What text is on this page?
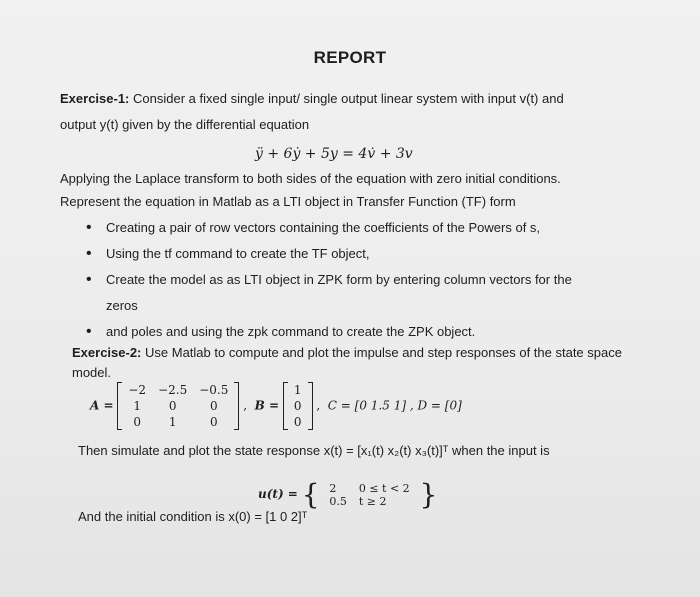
REPORT
Exercise-1: Consider a fixed single input/ single output linear system with input v(t) and
output y(t) given by the differential equation
ÿ + 6ẏ + 5y = 4v̇ + 3v
Applying the Laplace transform to both sides of the equation with zero initial conditions.
Represent the equation in Matlab as a LTI object in Transfer Function (TF) form
• Creating a pair of row vectors containing the coefficients of the Powers of s,
• Using the tf command to create the TF object,
• Create the model as as LTI object in ZPK form by entering column vectors for the zeros
• and poles and using the zpk command to create the ZPK object.
Exercise-2: Use Matlab to compute and plot the impulse and step responses of the state space
model.
A =
−2	−2.5	−0.5
1	0	0
0	1	0
,  B =
1
0
0
,  C = [0 1.5 1] , D = [0]
Then simulate and plot the state response x(t) = [x₁(t) x₂(t) x₃(t)]ᵀ when the input is
u(t) = { 2	0 ≤ t < 2
0.5	t ≥ 2 }
And the initial condition is x(0) = [1 0 2]ᵀ
